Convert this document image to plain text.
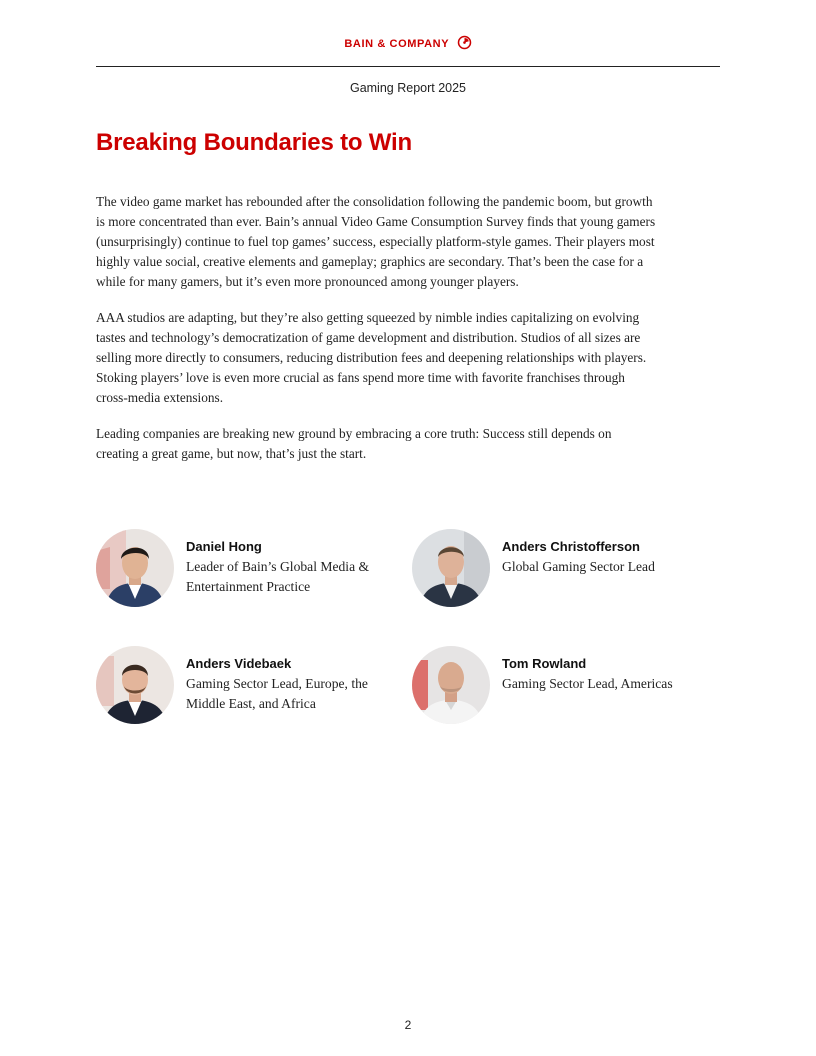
BAIN & COMPANY
Gaming Report 2025
Breaking Boundaries to Win

The video game market has rebounded after the consolidation following the pandemic boom, but growth is more concentrated than ever. Bain’s annual Video Game Consumption Survey finds that young gamers (unsurprisingly) continue to fuel top games’ success, especially platform-style games. Their players most highly value social, creative elements and gameplay; graphics are secondary. That’s been the case for a while for many gamers, but it’s even more pronounced among younger players.

AAA studios are adapting, but they’re also getting squeezed by nimble indies capitalizing on evolving tastes and technology’s democratization of game development and distribution. Studios of all sizes are selling more directly to consumers, reducing distribution fees and deepening relationships with players. Stoking players’ love is even more crucial as fans spend more time with favorite franchises through cross-media extensions.

Leading companies are breaking new ground by embracing a core truth: Success still depends on creating a great game, but now, that’s just the start.

Daniel Hong
Leader of Bain’s Global Media & Entertainment Practice
Anders Christofferson
Global Gaming Sector Lead
Anders Videbaek
Gaming Sector Lead, Europe, the Middle East, and Africa
Tom Rowland
Gaming Sector Lead, Americas
2
